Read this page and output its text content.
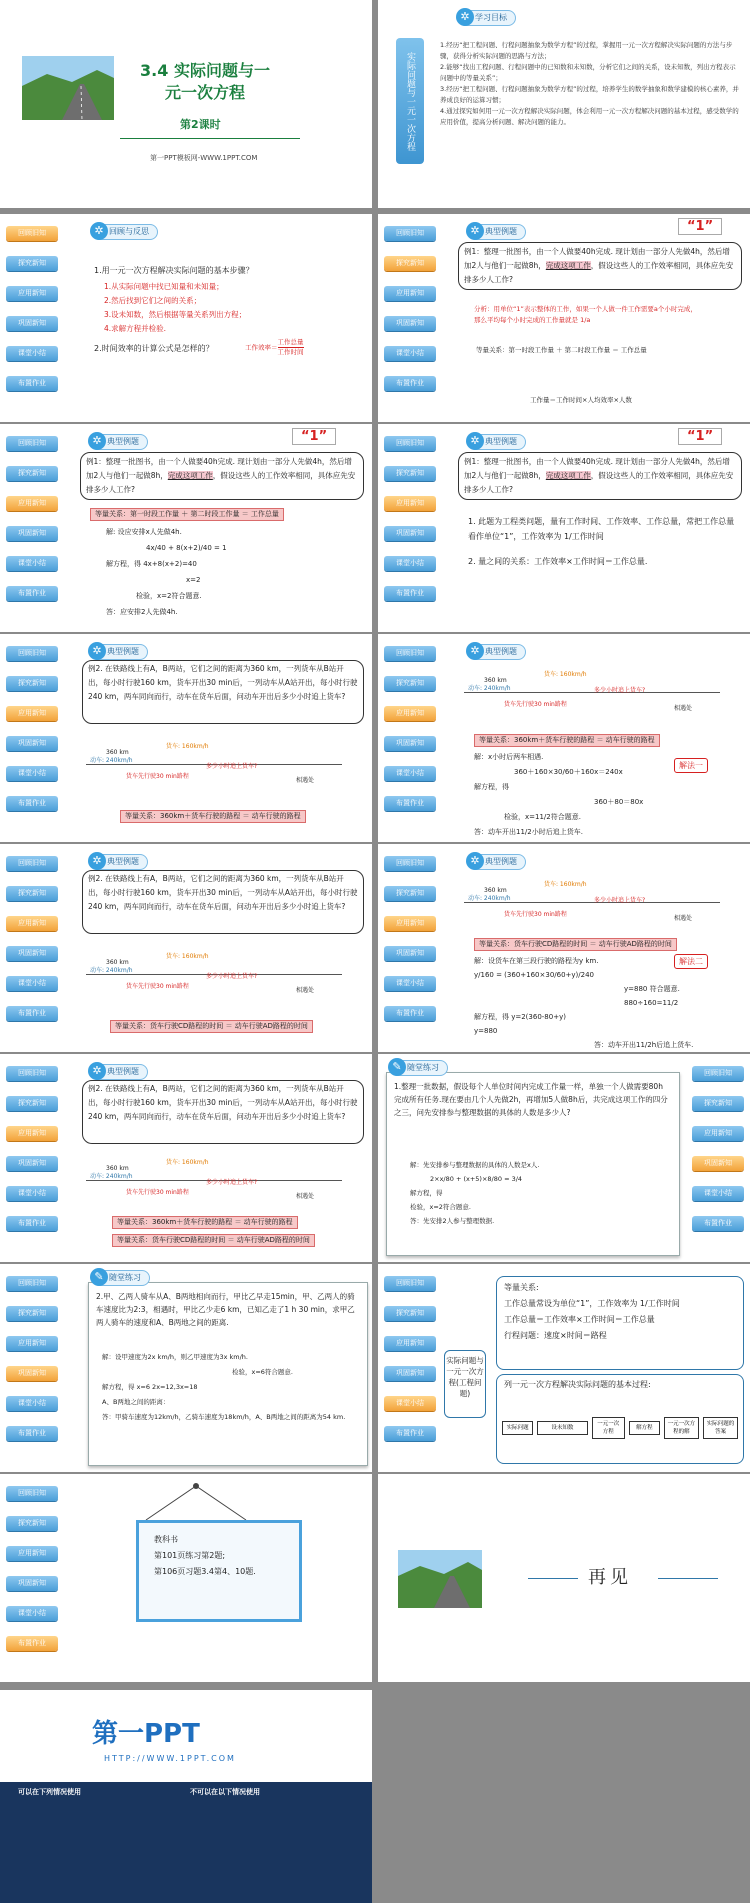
3.4 实际问题与一
元一次方程
第2课时
第一PPT模板网-WWW.1PPT.COM
实际问题与一元一次方程
✲ 学习目标
1.经历“把工程问题、行程问题抽象为数学方程”的过程，掌握用一元一次方程解决实际问题的方法与步骤，获得分析实际问题的思路与方法；
2.能够“找出工程问题、行程问题中的已知数和未知数，分析它们之间的关系，设未知数，列出方程表示问题中的等量关系”；
3.经历“把工程问题、行程问题抽象为数学方程”的过程，培养学生的数学抽象和数学建模的核心素养，并养成良好的运算习惯；
4.通过探究如何用一元一次方程解决实际问题，体会利用一元一次方程解决问题的基本过程，感受数学的应用价值，提高分析问题、解决问题的能力。
回顾旧知
探究新知
应用新知
巩固新知
课堂小结
布置作业
✲ 回顾与反思
1.用一元一次方程解决实际问题的基本步骤？
1.从实际问题中找已知量和未知量；
2.然后找到它们之间的关系；
3.设未知数，然后根据等量关系列出方程；
4.求解方程并检验.
2.时间效率的计算公式是怎样的？	工作效率＝
工作总量
工作时间
回顾旧知
探究新知
应用新知
巩固新知
课堂小结
布置作业
✲ 典型例题	“1”
例1：整理一批图书，由一个人做要40h完成. 现计划由一部分人先做4h，然后增加2人与他们一起做8h，完成这项工作，假设这些人的工作效率相同，具体应先安排多少人工作?
分析：用单位“1”表示整体的工作，如果一个人做一件工作需要a个小时完成，
那么平均每个小时完成的工作量就是 1/a
等量关系：第一时段工作量 ＋ 第二时段工作量 ＝ 工作总量
工作量＝工作时间×人均效率×人数
回顾旧知
探究新知
应用新知
巩固新知
课堂小结
布置作业
✲ 典型例题	“1”
例1：整理一批图书，由一个人做要40h完成. 现计划由一部分人先做4h，然后增加2人与他们一起做8h，完成这项工作，假设这些人的工作效率相同，具体应先安排多少人工作?
等量关系：第一时段工作量 ＋ 第二时段工作量 ＝ 工作总量
解: 设应安排x人先做4h.
4x/40 + 8(x+2)/40 = 1
解方程，得 4x+8(x+2)=40
x=2
检验，x=2符合题意.
答：应安排2人先做4h.
回顾旧知
探究新知
应用新知
巩固新知
课堂小结
布置作业
✲ 典型例题	“1”
例1：整理一批图书，由一个人做要40h完成. 现计划由一部分人先做4h，然后增加2人与他们一起做8h，完成这项工作，假设这些人的工作效率相同，具体应先安排多少人工作?
1. 此题为工程类问题，量有工作时间、工作效率、工作总量，常把工作总量看作单位“1”，工作效率为 1/工作时间
2. 量之间的关系：工作效率×工作时间＝工作总量.
回顾旧知
探究新知
应用新知
巩固新知
课堂小结
布置作业
✲ 典型例题
例2. 在铁路线上有A，B两站，它们之间的距离为360 km，一列货车从B站开出，每小时行驶160 km，货车开出30 min后，一列动车从A站开出，每小时行驶240 km，两车同向而行，动车在货车后面，问动车开出后多少小时追上货车?
360 km
货车: 160km/h
动车: 240km/h
货车先行驶30 min路程
多少小时追上货车?
相遇处
等量关系：360km＋货车行驶的路程 ＝ 动车行驶的路程
回顾旧知
探究新知
应用新知
巩固新知
课堂小结
布置作业
✲ 典型例题
360 km
货车: 160km/h
动车: 240km/h
货车先行驶30 min路程
多少小时追上货车?
相遇处
等量关系：360km＋货车行驶的路程 ＝ 动车行驶的路程
解：x小时后两车相遇.
360＋160×30/60＋160x＝240x
解方程，得
360＋80＝80x
检验，x=11/2符合题意.
答：动车开出11/2小时后追上货车.
解法一
回顾旧知
探究新知
应用新知
巩固新知
课堂小结
布置作业
✲ 典型例题
例2. 在铁路线上有A，B两站，它们之间的距离为360 km，一列货车从B站开出，每小时行驶160 km，货车开出30 min后，一列动车从A站开出，每小时行驶240 km，两车同向而行，动车在货车后面，问动车开出后多少小时追上货车?
360 km
货车: 160km/h
动车: 240km/h
货车先行驶30 min路程
多少小时追上货车?
相遇处
等量关系：货车行驶CD路程的时间 ＝ 动车行驶AD路程的时间
回顾旧知
探究新知
应用新知
巩固新知
课堂小结
布置作业
✲ 典型例题
360 km
货车: 160km/h
动车: 240km/h
货车先行驶30 min路程
多少小时追上货车?
相遇处
等量关系：货车行驶CD路程的时间 ＝ 动车行驶AD路程的时间
解：设货车在第三段行驶的路程为y km.
y/160 = (360+160×30/60+y)/240
y=880 符合题意.
880÷160=11/2
解方程，得 y=2(360-80+y)
y=880
答：动车开出11/2h后追上货车.
解法二
回顾旧知
探究新知
应用新知
巩固新知
课堂小结
布置作业
✲ 典型例题
例2. 在铁路线上有A，B两站，它们之间的距离为360 km，一列货车从B站开出，每小时行驶160 km，货车开出30 min后，一列动车从A站开出，每小时行驶240 km，两车同向而行，动车在货车后面，问动车开出后多少小时追上货车?
360 km
货车: 160km/h
动车: 240km/h
货车先行驶30 min路程
多少小时追上货车?
相遇处
等量关系：360km＋货车行驶的路程 ＝ 动车行驶的路程
等量关系：货车行驶CD路程的时间 ＝ 动车行驶AD路程的时间
回顾旧知
探究新知
应用新知
巩固新知
课堂小结
布置作业
✎ 随堂练习
1.整理一批数据，假设每个人单位时间内完成工作量一样，单独一个人做需要80h完成所有任务.现在要由几个人先做2h，再增加5人做8h后，共完成这项工作的四分之三，问先安排参与整理数据的具体的人数是多少人?
解：先安排参与整理数据的具体的人数是x人.
2×x/80 + (x+5)×8/80 = 3/4
解方程，得
检验，x=2符合题意.
答：先安排2人参与整理数据.
回顾旧知
探究新知
应用新知
巩固新知
课堂小结
布置作业
✎ 随堂练习
2.甲、乙两人骑车从A、B两地相向而行，甲比乙早走15min，甲、乙两人的骑车速度比为2:3，相遇时，甲比乙少走6 km，已知乙走了1 h 30 min，求甲乙两人骑车的速度和A、B两地之间的距离.
解：设甲速度为2x km/h，则乙甲速度为3x km/h.
检验，x=6符合题意.
解方程，得 x=6 2x=12,3x=18
A、B两地之间的距离：
答：甲骑车速度为12km/h，乙骑车速度为18km/h，A、B两地之间的距离为54 km.
回顾旧知
探究新知
应用新知
巩固新知
课堂小结
布置作业
实际问题与一元一次方程(工程问题)
等量关系:
工作总量常设为单位“1”，工作效率为 1/工作时间
工作总量＝工作效率×工作时间＝工作总量
行程问题：速度×时间＝路程
列一元一次方程解决实际问题的基本过程:
实际问题	设未知数
一元一次方程
解方程
一元一次方程的解
实际问题的答案
回顾旧知
探究新知
应用新知
巩固新知
课堂小结
布置作业
教科书
第101页练习第2题;
第106页习题3.4第4、10题.	再见
第一PPT
HTTP://WWW.1PPT.COM
可以在下列情况使用	不可以在以下情况使用
